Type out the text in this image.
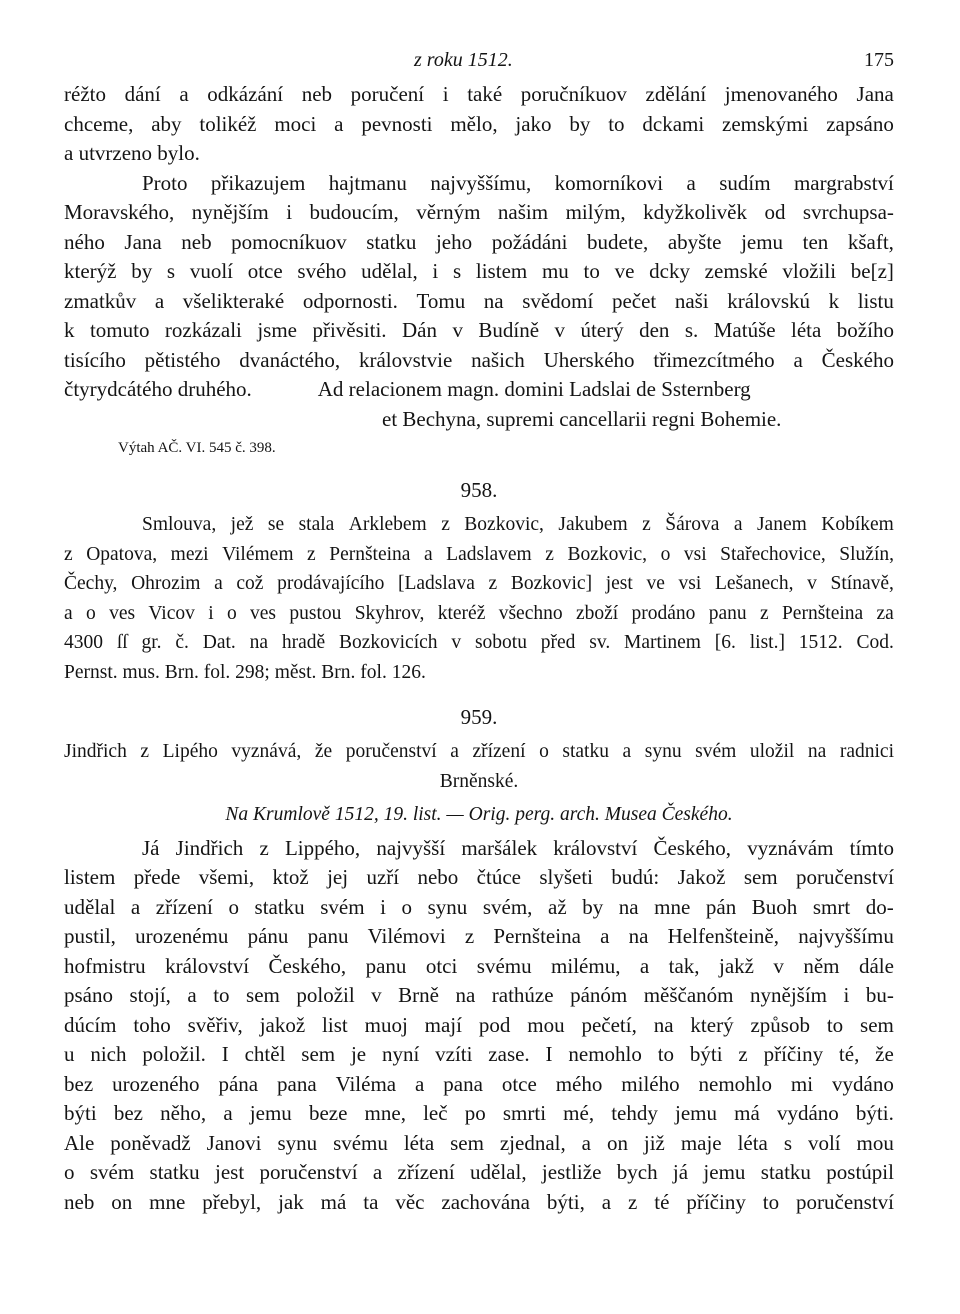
z roku 1512.	175
réžto dání a odkázání neb poručení i také poručníkuov zdělání jmenovaného Jana
chceme, aby tolikéž moci a pevnosti mělo, jako by to dckami zemskými zapsáno
a utvrzeno bylo.
Proto přikazujem hajtmanu najvyššímu, komorníkovi a sudím margrabství
Moravského, nynějším i budoucím, věrným našim milým, kdyžkolivěk od svrchupsa-
ného Jana neb pomocníkuov statku jeho požádáni budete, abyšte jemu ten kšaft,
kterýž by s vuolí otce svého udělal, i s listem mu to ve dcky zemské vložili be[z]
zmatkův a všelikteraké odpornosti. Tomu na svědomí pečet naši královskú k listu
k tomuto rozkázali jsme přivěsiti. Dán v Budíně v úterý den s. Matúše léta božího
tisícího pětistého dvanáctého, královstvie našich Uherského třimezcítmého a Českého
čtyrydcátého druhého.	Ad relacionem magn. domini Ladslai de Ssternberg
et Bechyna, supremi cancellarii regni Bohemie.
Výtah AČ. VI. 545 č. 398.
958.
Smlouva, jež se stala Arklebem z Bozkovic, Jakubem z Šárova a Janem Kobíkem
z Opatova, mezi Vilémem z Pernšteina a Ladslavem z Bozkovic, o vsi Stařechovice, Služín,
Čechy, Ohrozim a což prodávajícího [Ladslava z Bozkovic] jest ve vsi Lešanech, v Stínavě,
a o ves Vicov i o ves pustou Skyhrov, kteréž všechno zboží prodáno panu z Pernšteina za
4300 ſſ gr. č. Dat. na hradě Bozkovicích v sobotu před sv. Martinem [6. list.] 1512. Cod.
Pernst. mus. Brn. fol. 298; měst. Brn. fol. 126.
959.
Jindřich z Lipého vyznává, že poručenství a zřízení o statku a synu svém uložil na radnici
Brněnské.
Na Krumlově 1512, 19. list. — Orig. perg. arch. Musea Českého.
Já Jindřich z Lippého, najvyšší maršálek království Českého, vyznávám tímto
listem přede všemi, ktož jej uzří nebo čtúce slyšeti budú: Jakož sem poručenství
udělal a zřízení o statku svém i o synu svém, až by na mne pán Buoh smrt do-
pustil, urozenému pánu panu Vilémovi z Pernšteina a na Helfenšteině, najvyššímu
hofmistru království Českého, panu otci svému milému, a tak, jakž v něm dále
psáno stojí, a to sem položil v Brně na rathúze pánóm měščanóm nynějším i bu-
dúcím toho svěřiv, jakož list muoj mají pod mou pečetí, na který způsob to sem
u nich položil. I chtěl sem je nyní vzíti zase. I nemohlo to býti z příčiny té, že
bez urozeného pána pana Viléma a pana otce mého milého nemohlo mi vydáno
býti bez něho, a jemu beze mne, leč po smrti mé, tehdy jemu má vydáno býti.
Ale poněvadž Janovi synu svému léta sem zjednal, a on již maje léta s volí mou
o svém statku jest poručenství a zřízení udělal, jestliže bych já jemu statku postúpil
neb on mne přebyl, jak má ta věc zachována býti, a z té příčiny to poručenství
